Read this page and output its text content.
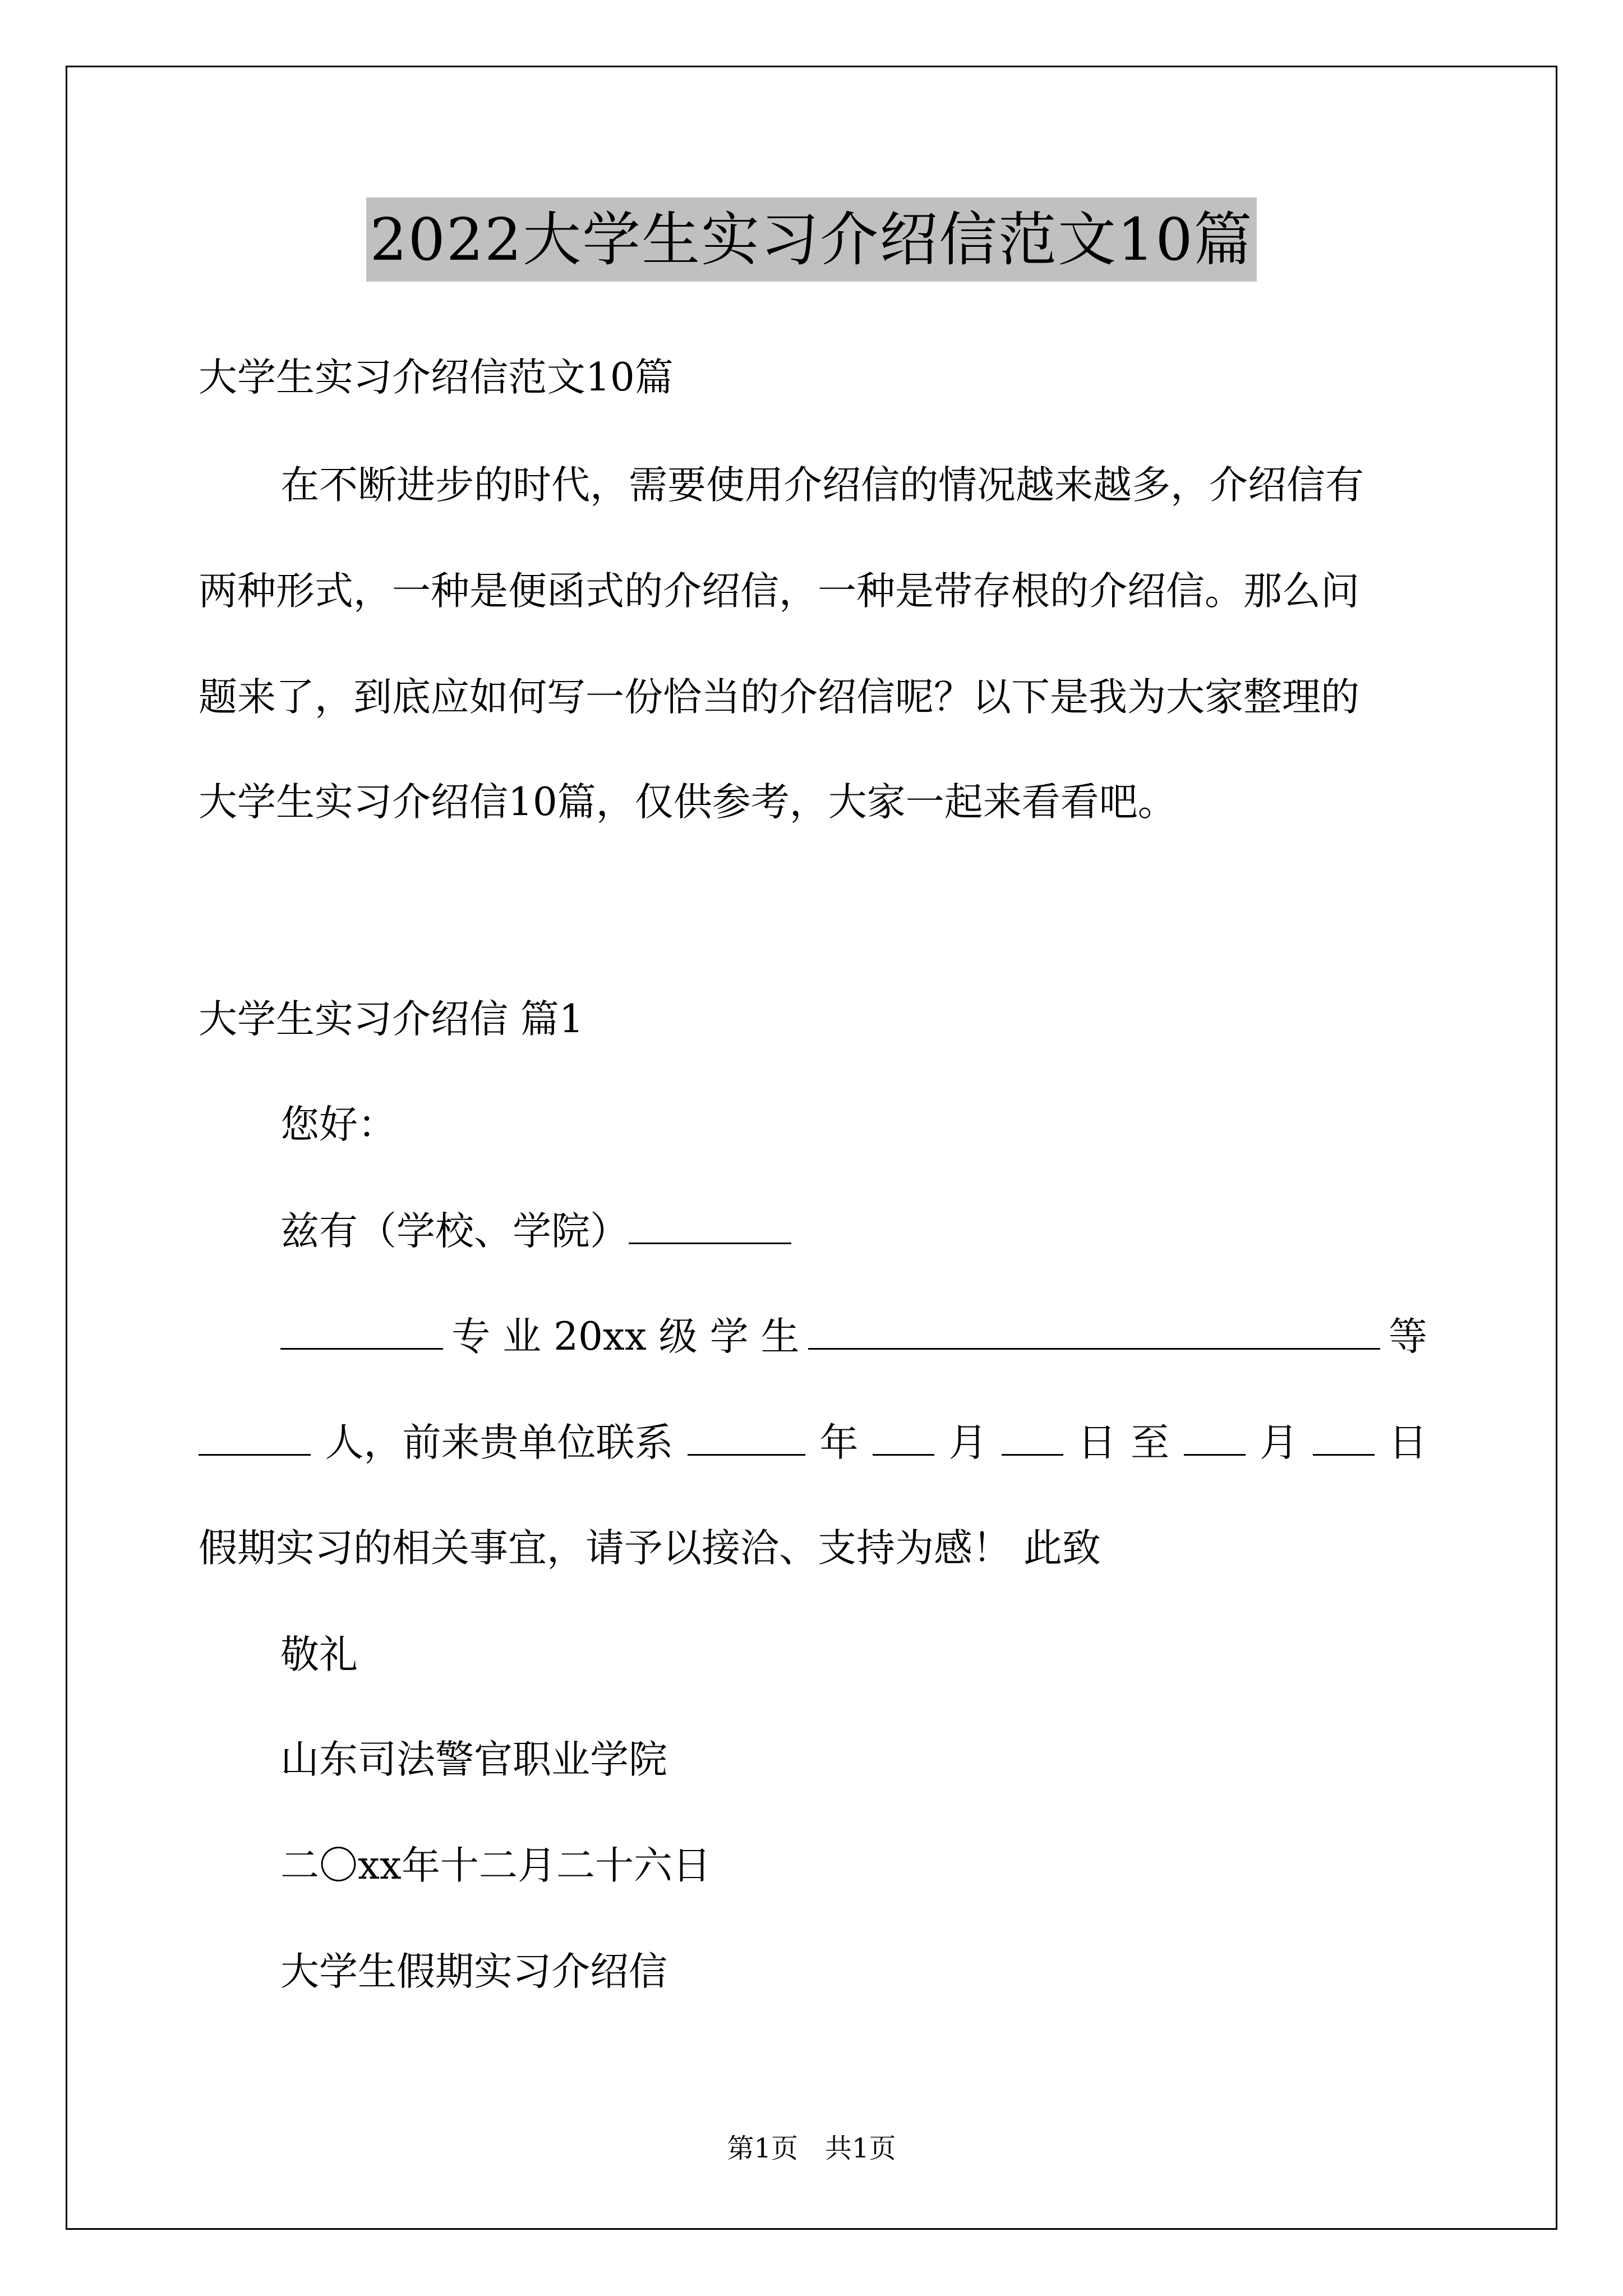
2022大学生实习介绍信范文10篇
大学生实习介绍信范文10篇
在不断进步的时代，需要使用介绍信的情况越来越多，介绍信有
两种形式，一种是便函式的介绍信，一种是带存根的介绍信。那么问
题来了，到底应如何写一份恰当的介绍信呢？以下是我为大家整理的
大学生实习介绍信10篇，仅供参考，大家一起来看看吧。
大学生实习介绍信 篇1
您好：
兹有（学校、学院）
专 业 20xx 级 学 生	等
人，前来贵单位联系	年 月 日 至 月 日
假期实习的相关事宜，请予以接洽、支持为感！ 此致
敬礼
山东司法警官职业学院
二〇xx年十二月二十六日
大学生假期实习介绍信
第1页　共1页
